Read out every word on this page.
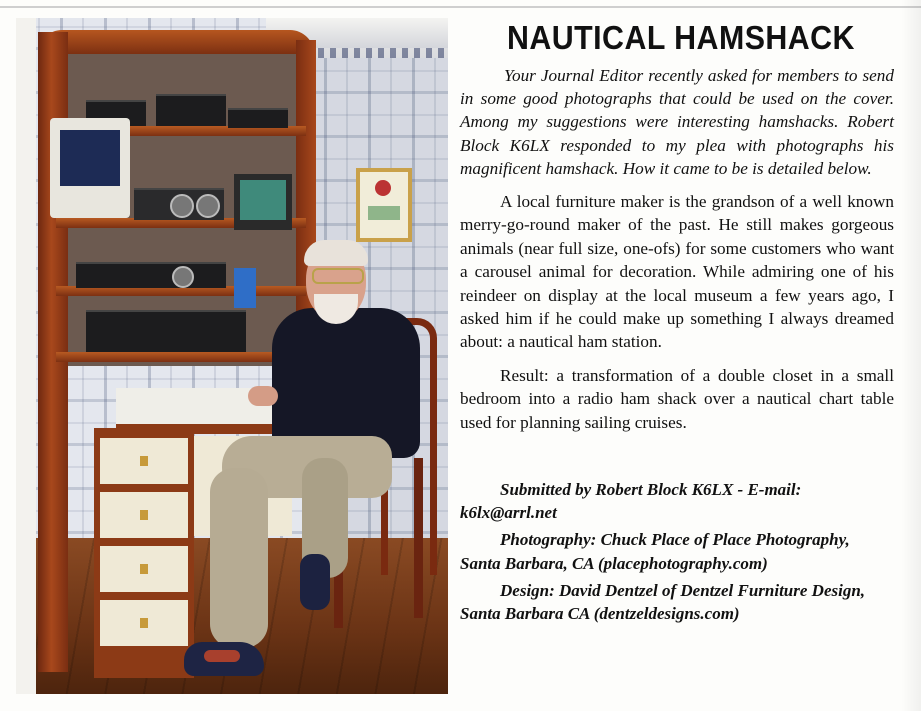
NAUTICAL HAMSHACK

Your Journal Editor recently asked for members to send in some good photographs that could be used on the cover. Among my suggestions were interesting hamshacks. Robert Block K6LX responded to my plea with photographs his magnificent hamshack. How it came to be is detailed below.

A local furniture maker is the grandson of a well known merry-go-round maker of the past. He still makes gorgeous animals (near full size, one-ofs) for some customers who want a carousel animal for decoration. While admiring one of his reindeer on display at the local museum a few years ago, I asked him if he could make up something I always dreamed about: a nautical ham station.

Result: a transformation of a double closet in a small bedroom into a radio ham shack over a nautical chart table used for planning sailing cruises.

Submitted by Robert Block K6LX - E-mail: k6lx@arrl.net

Photography: Chuck Place of Place Photography, Santa Barbara, CA (placephotography.com)

Design: David Dentzel of Dentzel Furniture Design, Santa Barbara CA (dentzeldesigns.com)
